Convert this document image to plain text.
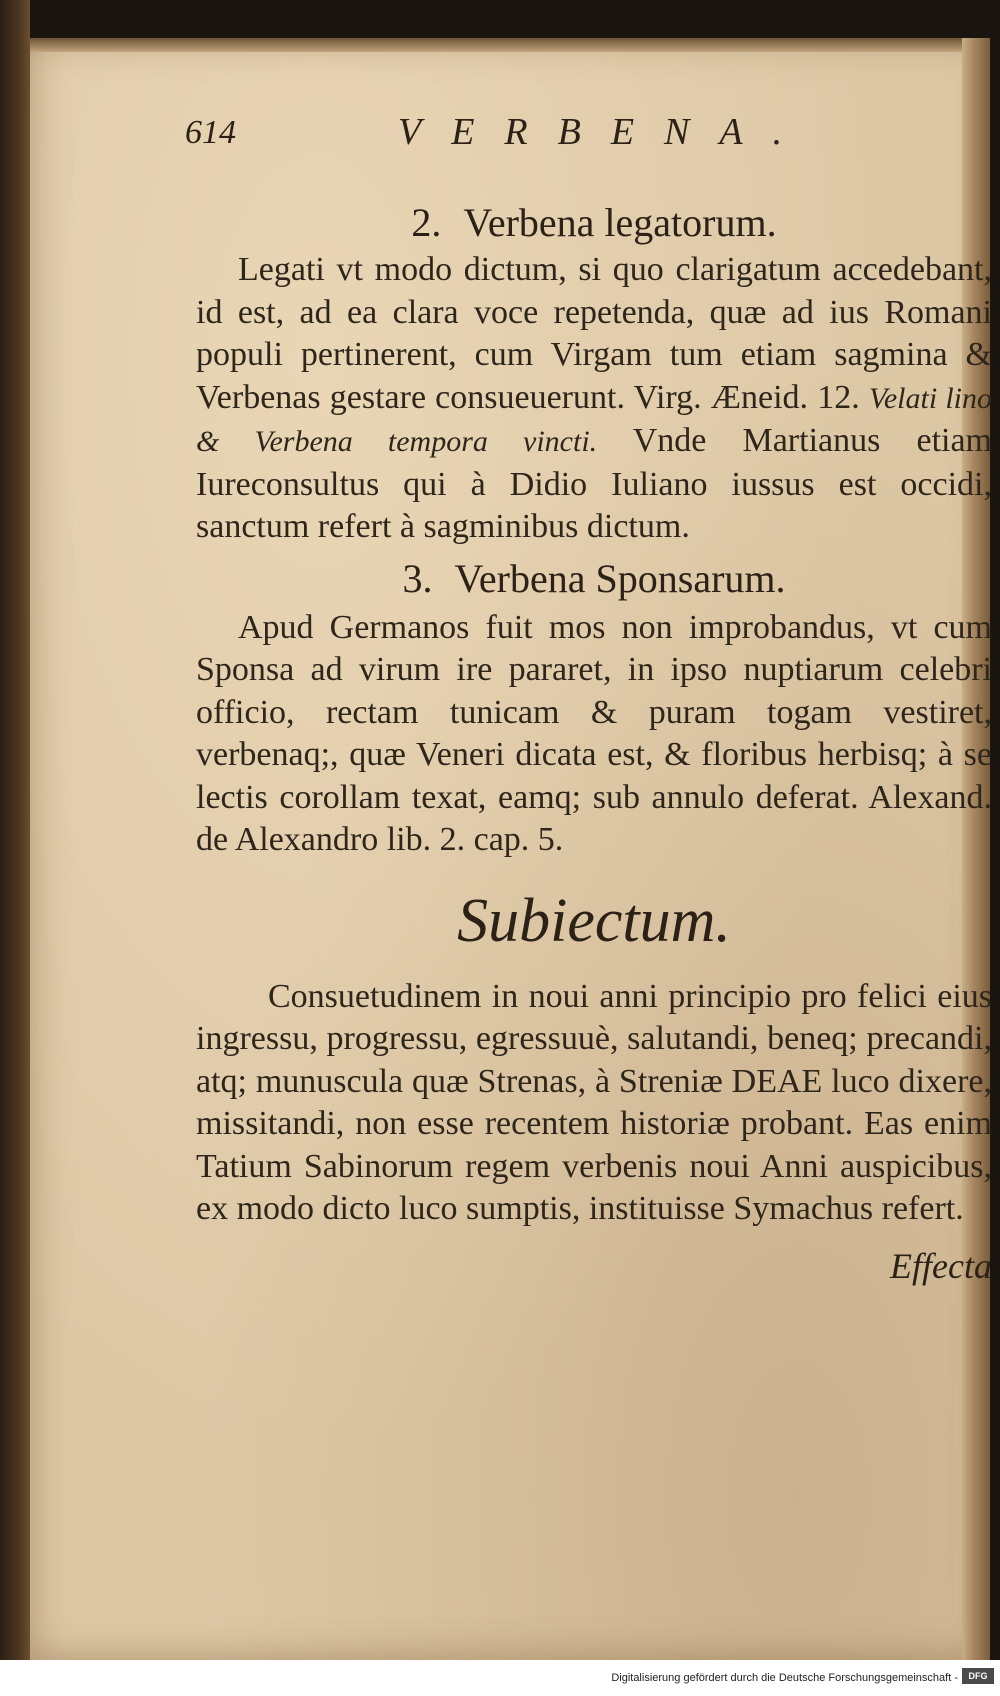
614	VERBENA.
2. Verbena legatorum.

Legati vt modo dictum, si quo clarigatum accedebant, id est, ad ea clara voce repetenda, quæ ad ius Romani populi pertinerent, cum Virgam tum etiam sagmina & Verbenas gestare consueuerunt. Virg. Æneid. 12. Velati lino & Verbena tempora vincti. Vnde Martianus etiam Iureconsultus qui à Didio Iuliano iussus est occidi, sanctum refert à sagminibus dictum.

3. Verbena Sponsarum.

Apud Germanos fuit mos non improbandus, vt cum Sponsa ad virum ire pararet, in ipso nuptiarum celebri officio, rectam tunicam & puram togam vestiret, verbenaq;, quæ Veneri dicata est, & floribus herbisq; à se lectis corollam texat, eamq; sub annulo deferat. Alexand. de Alexandro lib. 2. cap. 5.

Subiectum.

Consuetudinem in noui anni principio pro felici eius ingressu, progressu, egressuuè, salutandi, beneq; precandi, atq; munuscula quæ Strenas, à Streniæ DEAE luco dixere, missitandi, non esse recentem historiæ probant. Eas enim Tatium Sabinorum regem verbenis noui Anni auspicibus, ex modo dicto luco sumptis, instituisse Symachus refert.

Effecta
Digitalisierung gefördert durch die Deutsche Forschungsgemeinschaft -	DFG
